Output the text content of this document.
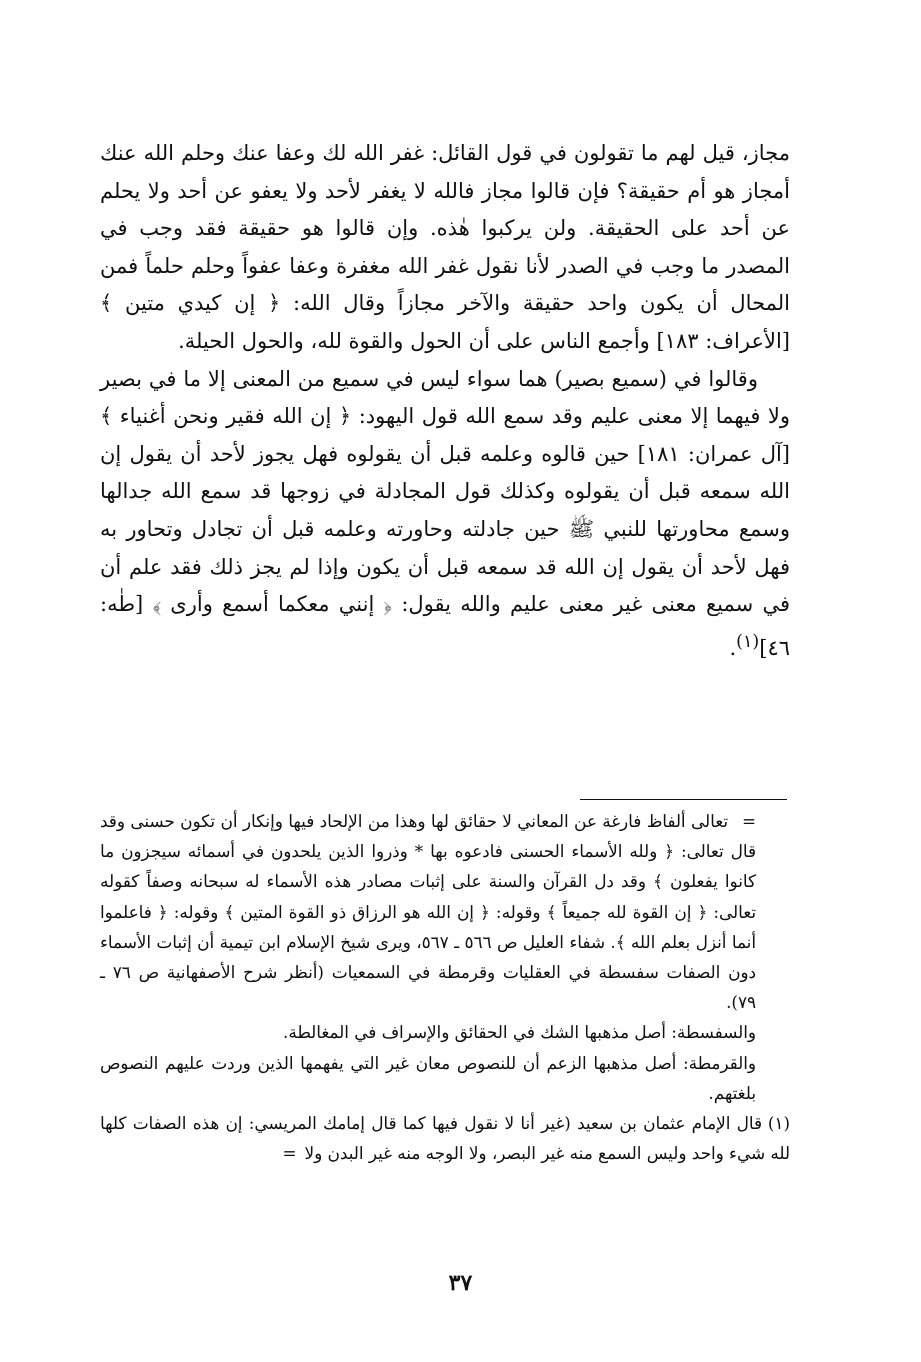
مجاز، قيل لهم ما تقولون في قول القائل: غفر الله لك وعفا عنك وحلم الله عنك أمجاز هو أم حقيقة؟ فإن قالوا مجاز فالله لا يغفر لأحد ولا يعفو عن أحد ولا يحلم عن أحد على الحقيقة. ولن يركبوا هٰذه. وإن قالوا هو حقيقة فقد وجب في المصدر ما وجب في الصدر لأنا نقول غفر الله مغفرة وعفا عفواً وحلم حلماً فمن المحال أن يكون واحد حقيقة والآخر مجازاً وقال الله: ﴿ إن كيدي متين ﴾ [الأعراف: ١٨٣] وأجمع الناس على أن الحول والقوة لله، والحول الحيلة.

وقالوا في (سميع بصير) هما سواء ليس في سميع من المعنى إلا ما في بصير ولا فيهما إلا معنى عليم وقد سمع الله قول اليهود: ﴿ إن الله فقير ونحن أغنياء ﴾[آل عمران: ١٨١] حين قالوه وعلمه قبل أن يقولوه فهل يجوز لأحد أن يقول إن الله سمعه قبل أن يقولوه وكذلك قول المجادلة في زوجها قد سمع الله جدالها وسمع محاورتها للنبي ﷺ حين جادلته وحاورته وعلمه قبل أن تجادل وتحاور به فهل لأحد أن يقول إن الله قد سمعه قبل أن يكون وإذا لم يجز ذلك فقد علم أن في سميع معنى غير معنى عليم والله يقول: ﴿ إنني معكما أسمع وأرى ﴾ [طٰه: ٤٦]$^{(١)}$.

=تعالى ألفاظ فارغة عن المعاني لا حقائق لها وهذا من الإلحاد فيها وإنكار أن تكون حسنى وقد قال تعالى: ﴿ ولله الأسماء الحسنى فادعوه بها * وذروا الذين يلحدون في أسمائه سيجزون ما كانوا يفعلون ﴾ وقد دل القرآن والسنة على إثبات مصادر هذه الأسماء له سبحانه وصفاً كقوله تعالى: ﴿ إن القوة لله جميعاً ﴾ وقوله: ﴿ إن الله هو الرزاق ذو القوة المتين ﴾ وقوله: ﴿ فاعلموا أنما أنزل بعلم الله ﴾. شفاء العليل ص ٥٦٦ ـ ٥٦٧، ويرى شيخ الإسلام ابن تيمية أن إثبات الأسماء دون الصفات سفسطة في العقليات وقرمطة في السمعيات (أنظر شرح الأصفهانية ص ٧٦ ـ ٧٩).

والسفسطة: أصل مذهبها الشك في الحقائق والإسراف في المغالطة.

والقرمطة: أصل مذهبها الزعم أن للنصوص معان غير التي يفهمها الذين وردت عليهم النصوص بلغتهم.

(١)قال الإمام عثمان بن سعيد (غير أنا لا نقول فيها كما قال إمامك المريسي: إن هذه الصفات كلها لله شيء واحد وليس السمع منه غير البصر، ولا الوجه منه غير البدن ولا=

٣٧
